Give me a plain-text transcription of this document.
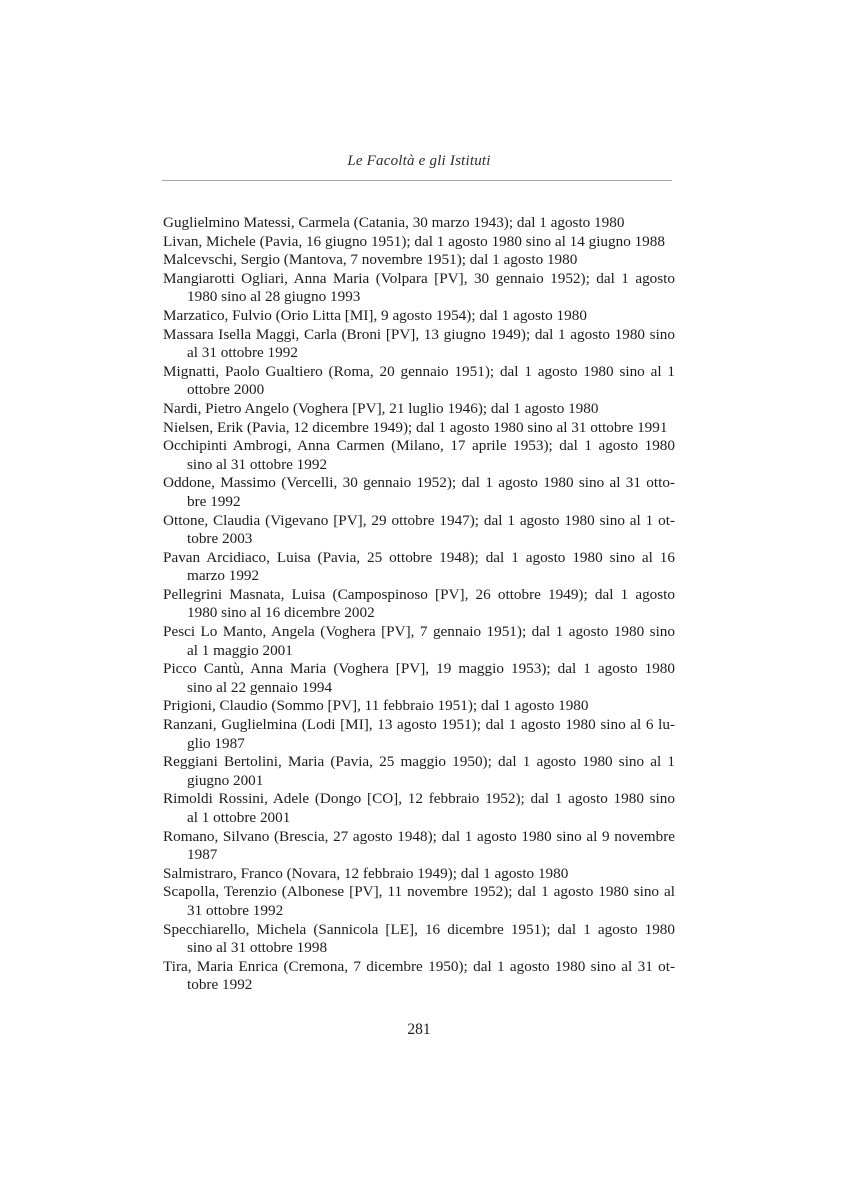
Le Facoltà e gli Istituti
Guglielmino Matessi, Carmela (Catania, 30 marzo 1943); dal 1 agosto 1980
Livan, Michele (Pavia, 16 giugno 1951); dal 1 agosto 1980 sino al 14 giugno 1988
Malcevschi, Sergio (Mantova, 7 novembre 1951); dal 1 agosto 1980
Mangiarotti Ogliari, Anna Maria (Volpara [PV], 30 gennaio 1952); dal 1 agosto
1980 sino al 28 giugno 1993
Marzatico, Fulvio (Orio Litta [MI], 9 agosto 1954); dal 1 agosto 1980
Massara Isella Maggi, Carla (Broni [PV], 13 giugno 1949); dal 1 agosto 1980 sino
al 31 ottobre 1992
Mignatti, Paolo Gualtiero (Roma, 20 gennaio 1951); dal 1 agosto 1980 sino al 1
ottobre 2000
Nardi, Pietro Angelo (Voghera [PV], 21 luglio 1946); dal 1 agosto 1980
Nielsen, Erik (Pavia, 12 dicembre 1949); dal 1 agosto 1980 sino al 31 ottobre 1991
Occhipinti Ambrogi, Anna Carmen (Milano, 17 aprile 1953); dal 1 agosto 1980
sino al 31 ottobre 1992
Oddone, Massimo (Vercelli, 30 gennaio 1952); dal 1 agosto 1980 sino al 31 otto-
bre 1992
Ottone, Claudia (Vigevano [PV], 29 ottobre 1947); dal 1 agosto 1980 sino al 1 ot-
tobre 2003
Pavan Arcidiaco, Luisa (Pavia, 25 ottobre 1948); dal 1 agosto 1980 sino al 16
marzo 1992
Pellegrini Masnata, Luisa (Campospinoso [PV], 26 ottobre 1949); dal 1 agosto
1980 sino al 16 dicembre 2002
Pesci Lo Manto, Angela (Voghera [PV], 7 gennaio 1951); dal 1 agosto 1980 sino
al 1 maggio 2001
Picco Cantù, Anna Maria (Voghera [PV], 19 maggio 1953); dal 1 agosto 1980
sino al 22 gennaio 1994
Prigioni, Claudio (Sommo [PV], 11 febbraio 1951); dal 1 agosto 1980
Ranzani, Guglielmina (Lodi [MI], 13 agosto 1951); dal 1 agosto 1980 sino al 6 lu-
glio 1987
Reggiani Bertolini, Maria (Pavia, 25 maggio 1950); dal 1 agosto 1980 sino al 1
giugno 2001
Rimoldi Rossini, Adele (Dongo [CO], 12 febbraio 1952); dal 1 agosto 1980 sino
al 1 ottobre 2001
Romano, Silvano (Brescia, 27 agosto 1948); dal 1 agosto 1980 sino al 9 novembre
1987
Salmistraro, Franco (Novara, 12 febbraio 1949); dal 1 agosto 1980
Scapolla, Terenzio (Albonese [PV], 11 novembre 1952); dal 1 agosto 1980 sino al
31 ottobre 1992
Specchiarello, Michela (Sannicola [LE], 16 dicembre 1951); dal 1 agosto 1980
sino al 31 ottobre 1998
Tira, Maria Enrica (Cremona, 7 dicembre 1950); dal 1 agosto 1980 sino al 31 ot-
tobre 1992
281
